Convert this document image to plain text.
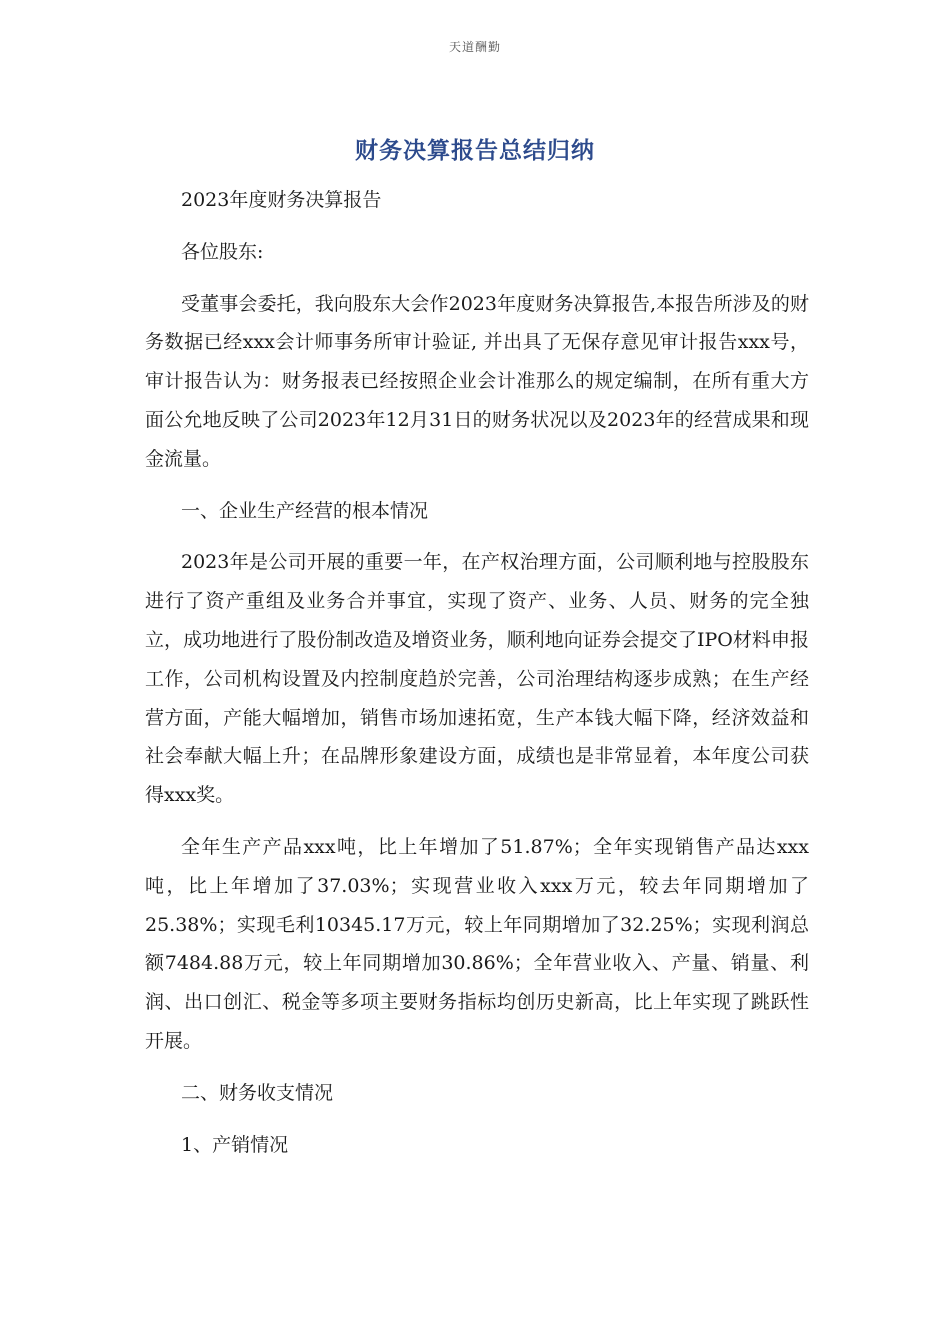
天道酬勤
财务决算报告总结归纳

2023年度财务决算报告

各位股东:

受董事会委托，我向股东大会作2023年度财务决算报告,本报告所涉及的财务数据已经xxx会计师事务所审计验证, 并出具了无保存意见审计报告xxx号，审计报告认为：财务报表已经按照企业会计准那么的规定编制，在所有重大方面公允地反映了公司2023年12月31日的财务状况以及2023年的经营成果和现金流量。

一、企业生产经营的根本情况

2023年是公司开展的重要一年，在产权治理方面，公司顺利地与控股股东进行了资产重组及业务合并事宜，实现了资产、业务、人员、财务的完全独立，成功地进行了股份制改造及增资业务，顺利地向证券会提交了IPO材料申报工作，公司机构设置及内控制度趋於完善，公司治理结构逐步成熟；在生产经营方面，产能大幅增加，销售市场加速拓宽，生产本钱大幅下降，经济效益和社会奉献大幅上升；在品牌形象建设方面，成绩也是非常显着，本年度公司获得xxx奖。

全年生产产品xxx吨，比上年增加了51.87%；全年实现销售产品达xxx吨，比上年增加了37.03%；实现营业收入xxx万元，较去年同期增加了25.38%；实现毛利10345.17万元，较上年同期增加了32.25%；实现利润总额7484.88万元，较上年同期增加30.86%；全年营业收入、产量、销量、利润、出口创汇、税金等多项主要财务指标均创历史新高，比上年实现了跳跃性开展。

二、财务收支情况

1、产销情况
